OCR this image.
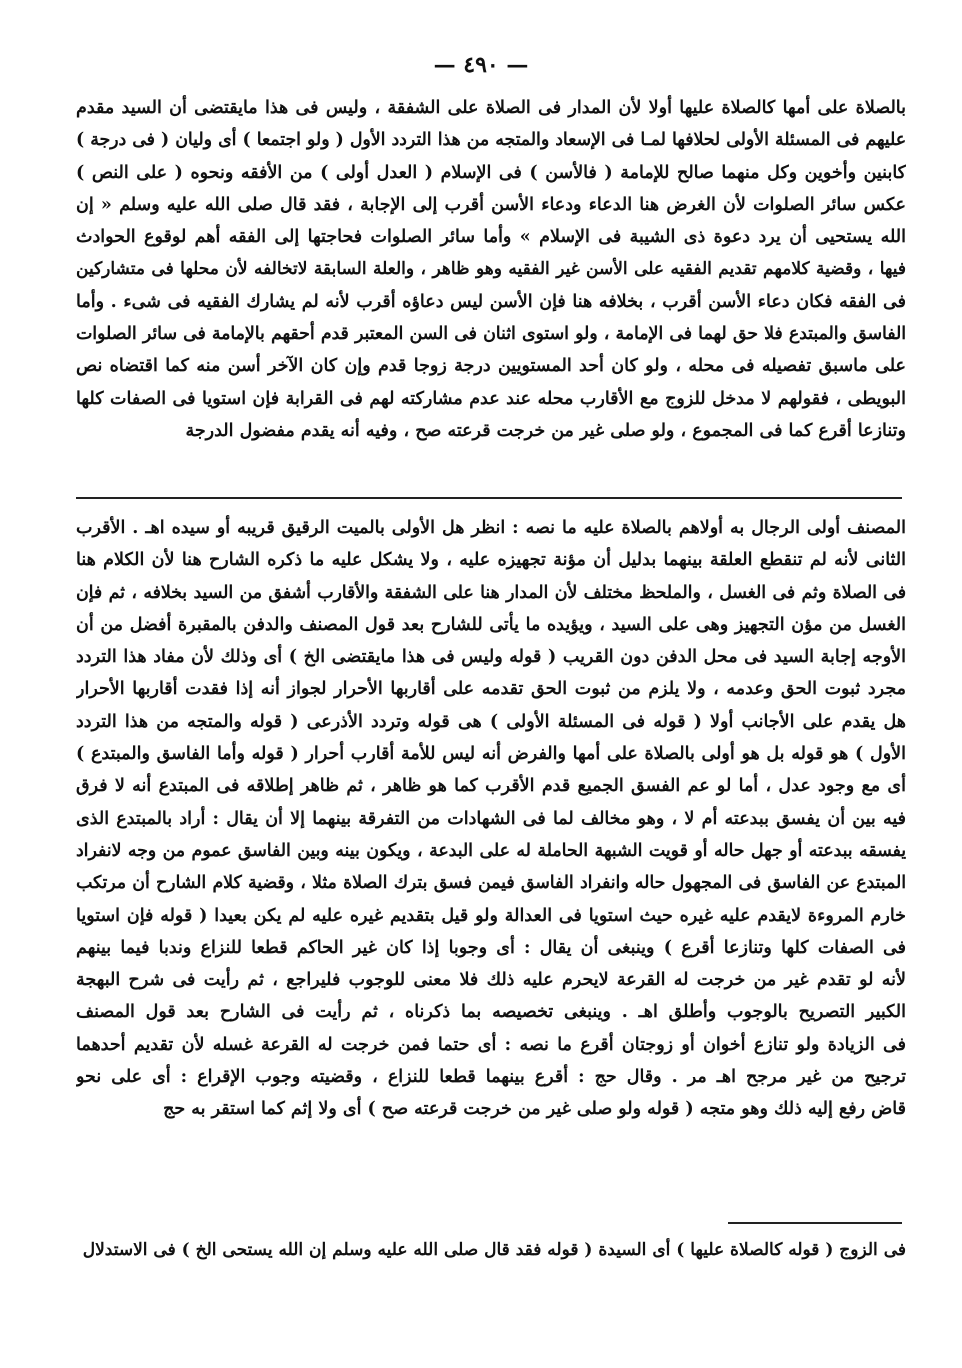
— ٤٩٠ —
بالصلاة على أمها كالصلاة عليها أولا لأن المدار فى الصلاة على الشفقة ، وليس فى هذا مايقتضى أن السيد مقدم
عليهم فى المسئلة الأولى لحلافها لمـا فى الإسعاد والمتجه من هذا التردد الأول ( ولو اجتمعا ) أى وليان ( فى درجة )
كابنين وأخوين وكل منهما صالح للإمامة ( فالأسن ) فى الإسلام ( العدل أولى ) من الأفقه ونحوه ( على النص )
عكس سائر الصلوات لأن الغرض هنا الدعاء ودعاء الأسن أقرب إلى الإجابة ، فقد قال صلى الله عليه وسلم « إن
الله يستحيى أن يرد دعوة ذى الشيبة فى الإسلام » وأما سائر الصلوات فحاجتها إلى الفقه أهم لوقوع الحوادث
فيها ، وقضية كلامهم تقديم الفقيه على الأسن غير الفقيه وهو ظاهر ، والعلة السابقة لاتخالفه لأن محلها فى متشاركين
فى الفقه فكان دعاء الأسن أقرب ، بخلافه هنا فإن الأسن ليس دعاؤه أقرب لأنه لم يشارك الفقيه فى شىء . وأما
الفاسق والمبتدع فلا حق لهما فى الإمامة ، ولو استوى اثنان فى السن المعتبر قدم أحقهم بالإمامة فى سائر الصلوات
على ماسبق تفصيله فى محله ، ولو كان أحد المستويين درجة زوجا قدم وإن كان الآخر أسن منه كما اقتضاه نص
البويطى ، فقولهم لا مدخل للزوج مع الأقارب محله عند عدم مشاركته لهم فى القرابة فإن استويا فى الصفات كلها
وتنازعا أقرع كما فى المجموع ، ولو صلى غير من خرجت قرعته صح ، وفيه أنه يقدم مفضول الدرجة
المصنف أولى الرجال به أولاهم بالصلاة عليه ما نصه : انظر هل الأولى بالميت الرقيق قريبه أو سيده اهـ . الأقرب
الثانى لأنه لم تنقطع العلقة بينهما بدليل أن مؤنة تجهيزه عليه ، ولا يشكل عليه ما ذكره الشارح هنا لأن الكلام هنا
فى الصلاة وثم فى الغسل ، والملحظ مختلف لأن المدار هنا على الشفقة والأقارب أشفق من السيد بخلافه ، ثم فإن
الغسل من مؤن التجهيز وهى على السيد ، ويؤيده ما يأتى للشارح بعد قول المصنف والدفن بالمقبرة أفضل من أن
الأوجه إجابة السيد فى محل الدفن دون القريب ( قوله وليس فى هذا مايقتضى الخ ) أى وذلك لأن مفاد هذا التردد
مجرد ثبوت الحق وعدمه ، ولا يلزم من ثبوت الحق تقدمه على أقاربها الأحرار لجواز أنه إذا فقدت أقاربها الأحرار
هل يقدم على الأجانب أولا ( قوله فى المسئلة الأولى ) هى قوله وتردد الأذرعى ( قوله والمتجه من هذا التردد
الأول ) هو قوله بل هو أولى بالصلاة على أمها والفرض أنه ليس للأمة أقارب أحرار ( قوله وأما الفاسق والمبتدع )
أى مع وجود عدل ، أما لو عم الفسق الجميع قدم الأقرب كما هو ظاهر ، ثم ظاهر إطلاقه فى المبتدع أنه لا فرق
فيه بين أن يفسق ببدعته أم لا ، وهو مخالف لما فى الشهادات من التفرقة بينهما إلا أن يقال : أراد بالمبتدع الذى
يفسقه ببدعته أو جهل حاله أو قويت الشبهة الحاملة له على البدعة ، ويكون بينه وبين الفاسق عموم من وجه لانفراد
المبتدع عن الفاسق فى المجهول حاله وانفراد الفاسق فيمن فسق بترك الصلاة مثلا ، وقضية كلام الشارح أن مرتكب
خارم المروءة لايقدم عليه غيره حيث استويا فى العدالة ولو قيل بتقديم غيره عليه لم يكن بعيدا ( قوله فإن استويا
فى الصفات كلها وتنازعا أقرع ) وينبغى أن يقال : أى وجوبا إذا كان غير الحاكم قطعا للنزاع وندبا فيما بينهم
لأنه لو تقدم غير من خرجت له القرعة لايحرم عليه ذلك فلا معنى للوجوب فليراجع ، ثم رأيت فى شرح البهجة
الكبير التصريح بالوجوب وأطلق اهـ . وينبغى تخصيصه بما ذكرناه ، ثم رأيت فى الشارح بعد قول المصنف
فى الزيادة ولو تنازع أخوان أو زوجتان أقرع ما نصه : أى حتما فمن خرجت له القرعة غسله لأن تقديم أحدهما
ترجيح من غير مرجح اهـ مر . وقال حج : أقرع بينهما قطعا للنزاع ، وقضيته وجوب الإقراع : أى على نحو
قاض رفع إليه ذلك وهو متجه ( قوله ولو صلى غير من خرجت قرعته صح ) أى ولا إثم كما استقر به حج
فى الزوج ( قوله كالصلاة عليها ) أى السيدة ( قوله فقد قال صلى الله عليه وسلم إن الله يستحى الخ ) فى الاستدلال
